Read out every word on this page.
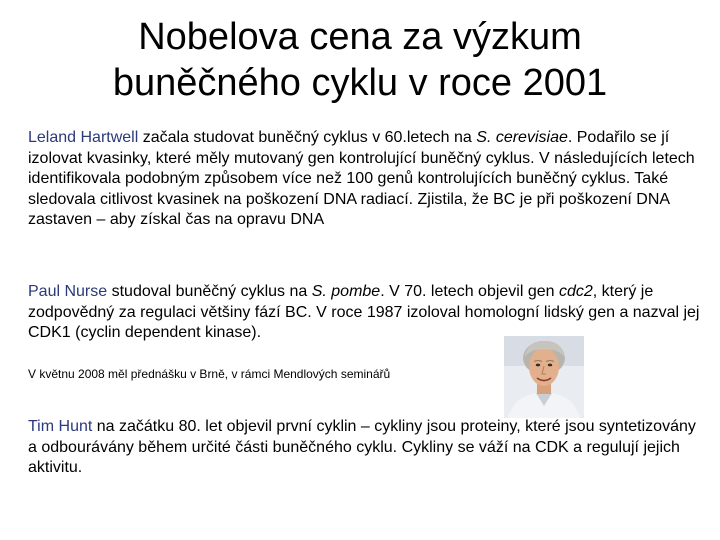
Nobelova cena za výzkum
buněčného cyklu v roce 2001

Leland Hartwell začala studovat buněčný cyklus v 60.letech na S. cerevisiae. Podařilo se jí izolovat kvasinky, které měly mutovaný gen kontrolující buněčný cyklus. V následujících letech identifikovala podobným způsobem více než 100 genů kontrolujících buněčný cyklus. Také sledovala citlivost kvasinek na poškození DNA radiací. Zjistila, že BC je při poškození DNA zastaven – aby získal čas na opravu DNA

Paul Nurse studoval buněčný cyklus na S. pombe. V 70. letech objevil gen cdc2, který je zodpovědný za regulaci většiny fází BC. V roce 1987 izoloval homologní lidský gen a nazval jej CDK1 (cyclin dependent kinase).

V květnu 2008 měl přednášku v Brně, v rámci Mendlových seminářů

Tim Hunt na začátku 80. let objevil první cyklin – cykliny jsou proteiny, které jsou syntetizovány a odbourávány během určité části buněčného cyklu. Cykliny se váží na CDK a regulují jejich aktivitu.
